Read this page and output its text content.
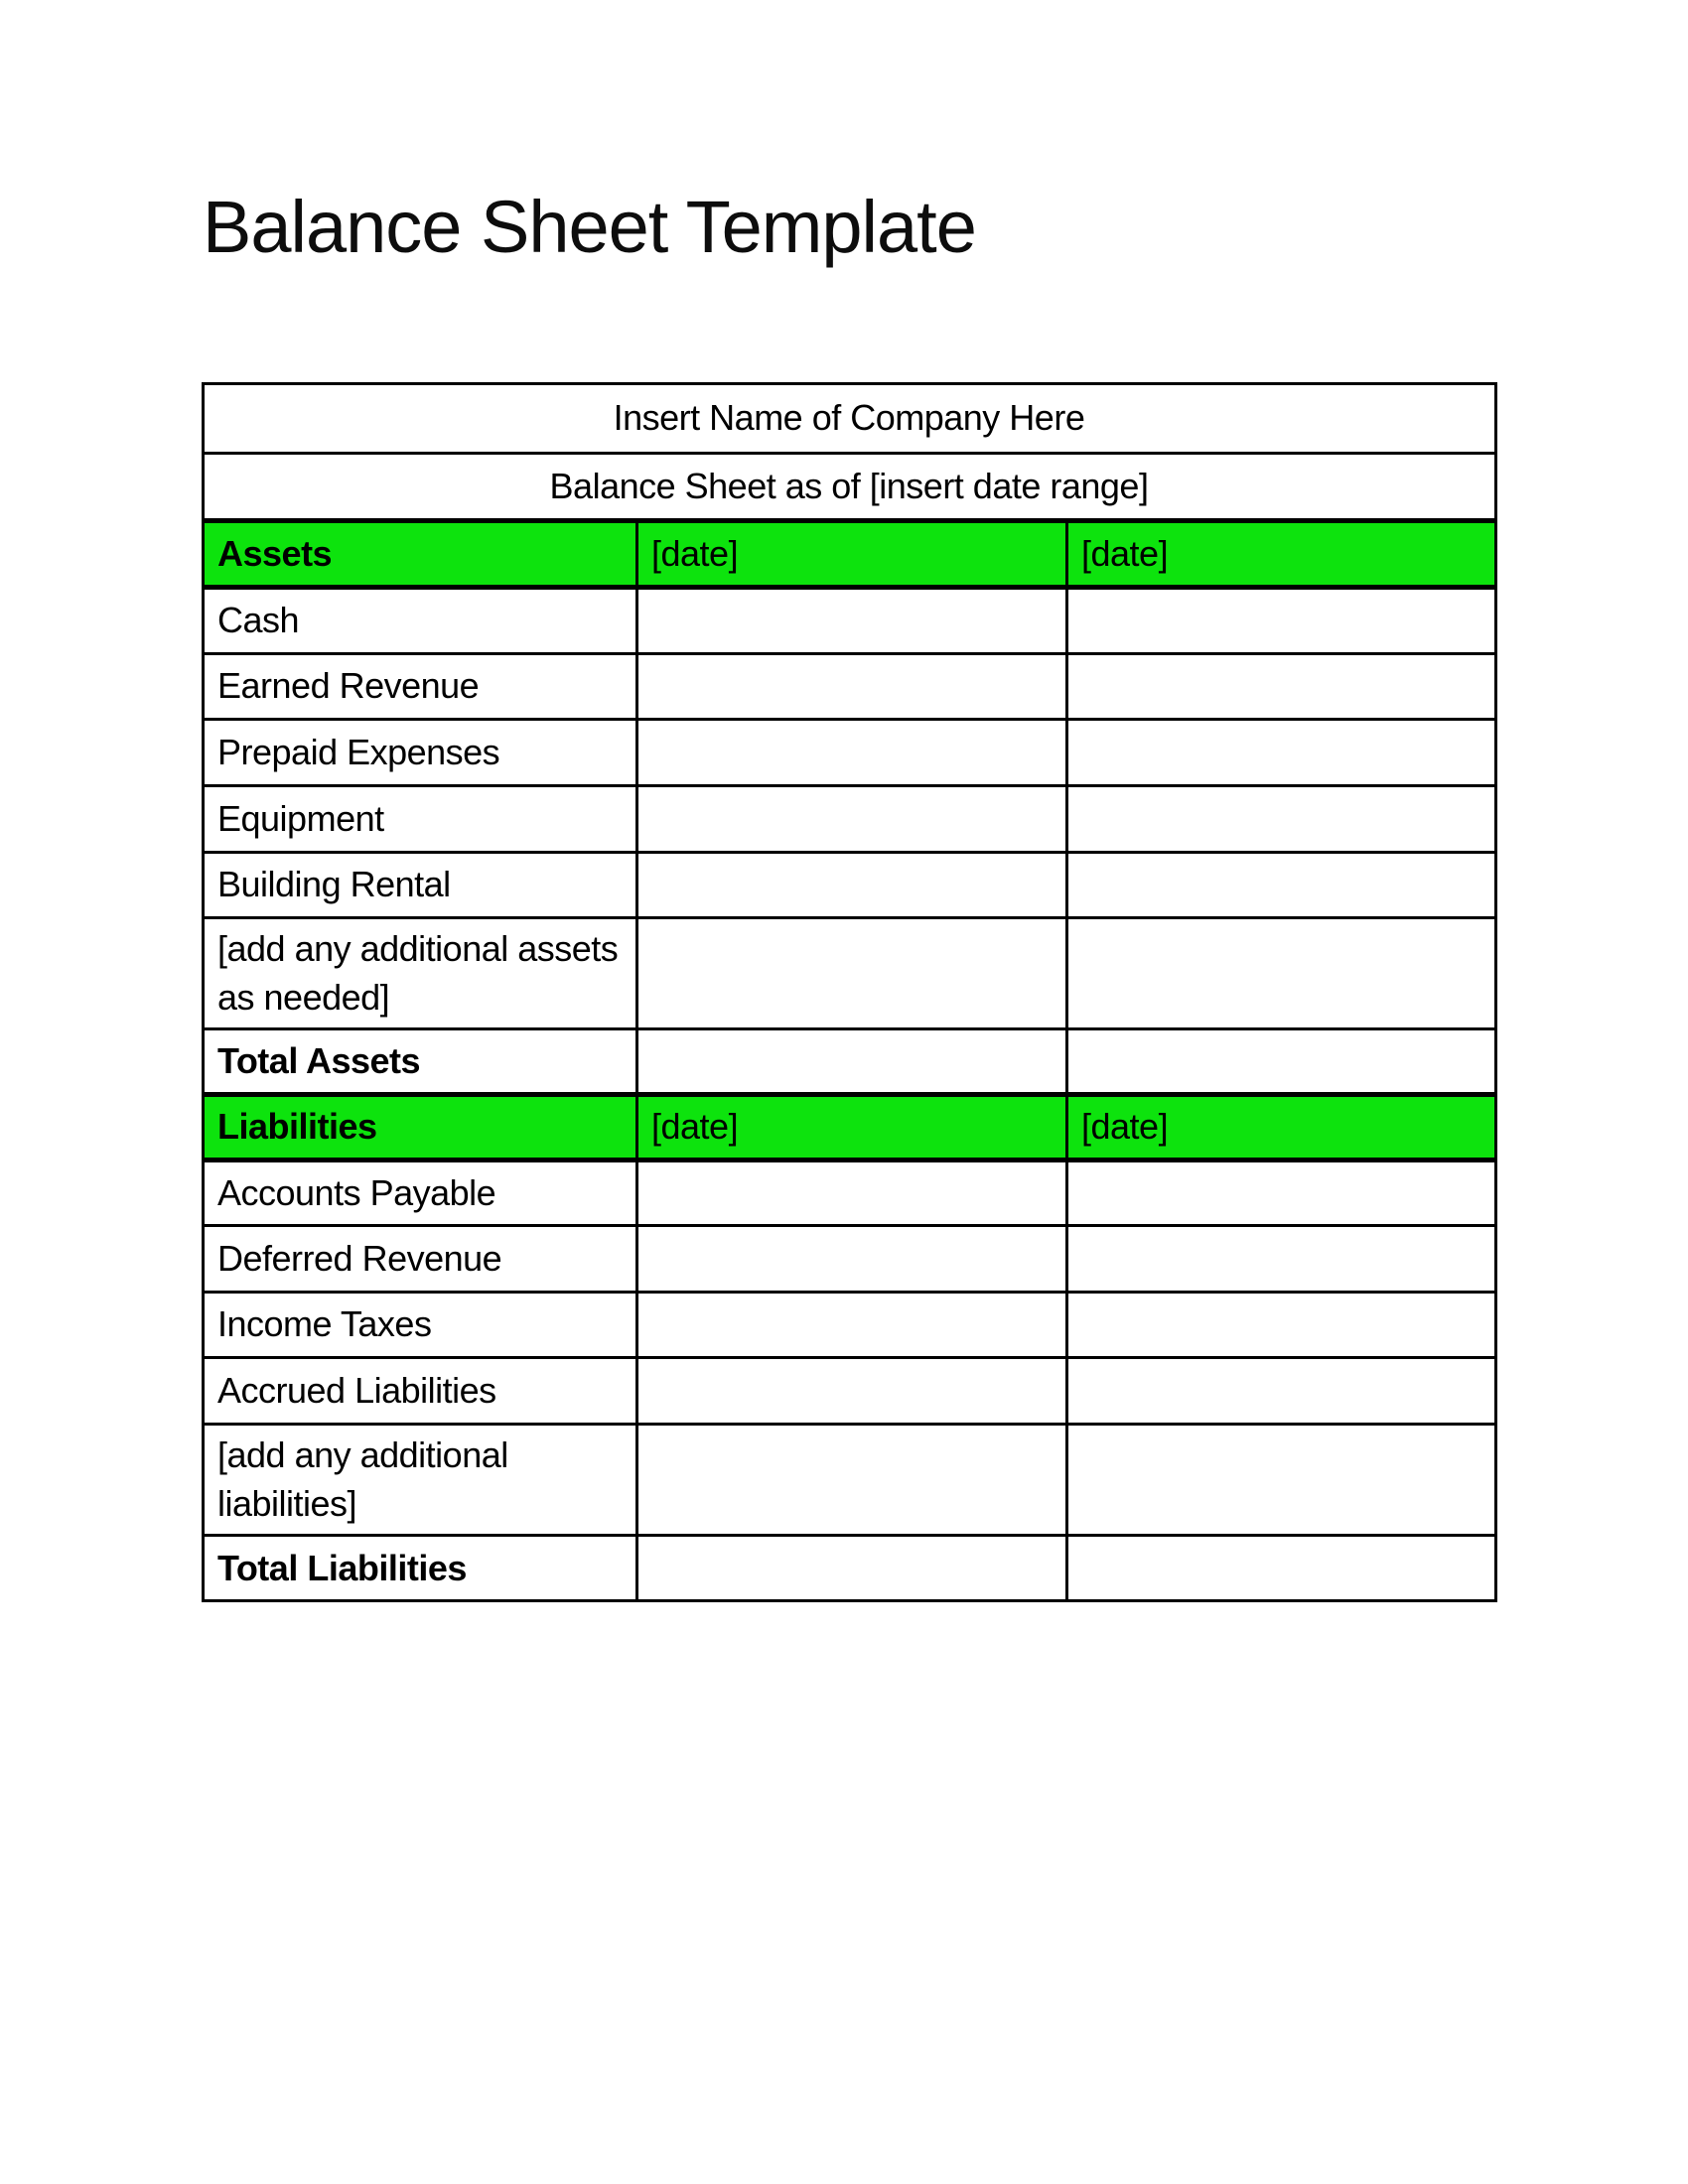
Balance Sheet Template
Insert Name of Company Here		
Balance Sheet as of [insert date range]		
Assets	[date]	[date]
Cash		
Earned Revenue		
Prepaid Expenses		
Equipment		
Building Rental		
[add any additional assets as needed]		
Total Assets		
Liabilities	[date]	[date]
Accounts Payable		
Deferred Revenue		
Income Taxes		
Accrued Liabilities		
[add any additional liabilities]		
Total Liabilities		
